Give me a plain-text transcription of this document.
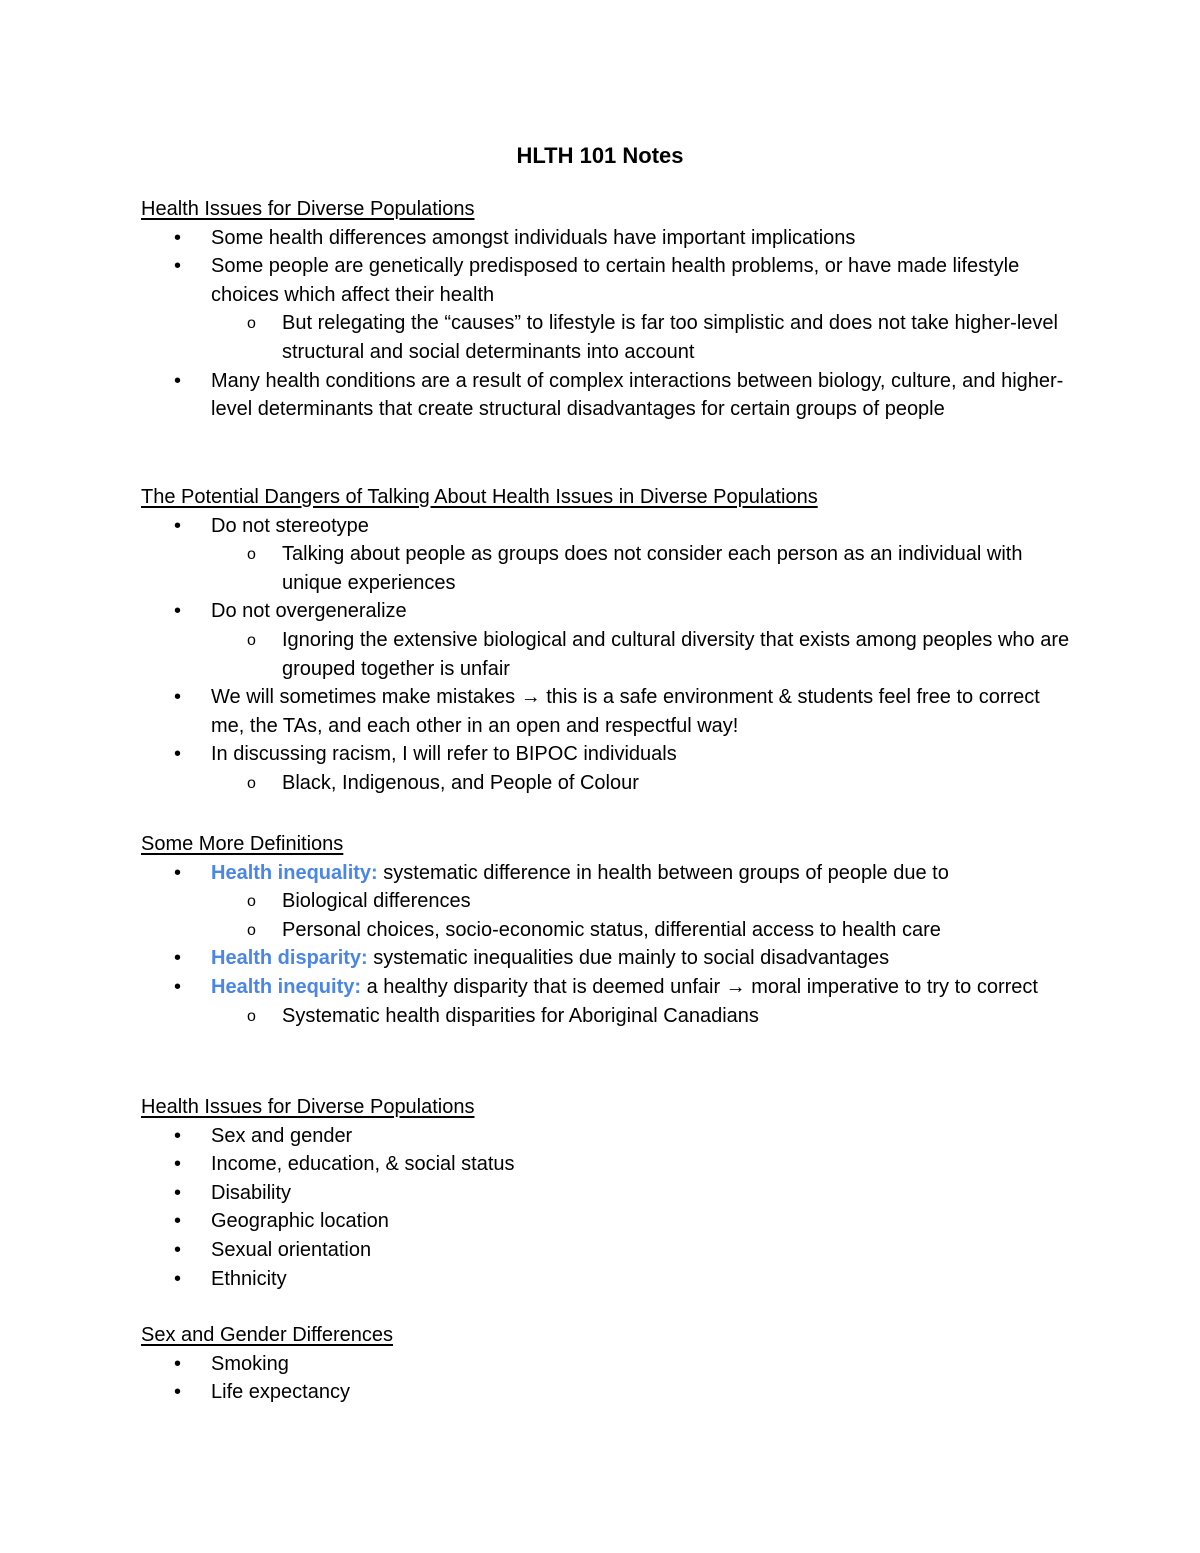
HLTH 101 Notes
Health Issues for Diverse Populations
• Some health differences amongst individuals have important implications
• Some people are genetically predisposed to certain health problems, or have made lifestyle choices which affect their health
o But relegating the “causes” to lifestyle is far too simplistic and does not take higher-level structural and social determinants into account
• Many health conditions are a result of complex interactions between biology, culture, and higher-level determinants that create structural disadvantages for certain groups of people
The Potential Dangers of Talking About Health Issues in Diverse Populations
• Do not stereotype
o Talking about people as groups does not consider each person as an individual with unique experiences
• Do not overgeneralize
o Ignoring the extensive biological and cultural diversity that exists among peoples who are grouped together is unfair
• We will sometimes make mistakes → this is a safe environment & students feel free to correct me, the TAs, and each other in an open and respectful way!
• In discussing racism, I will refer to BIPOC individuals
o Black, Indigenous, and People of Colour
Some More Definitions
• Health inequality: systematic difference in health between groups of people due to
o Biological differences
o Personal choices, socio-economic status, differential access to health care
• Health disparity: systematic inequalities due mainly to social disadvantages
• Health inequity: a healthy disparity that is deemed unfair → moral imperative to try to correct
o Systematic health disparities for Aboriginal Canadians
Health Issues for Diverse Populations
• Sex and gender
• Income, education, & social status
• Disability
• Geographic location
• Sexual orientation
• Ethnicity
Sex and Gender Differences
• Smoking
• Life expectancy
